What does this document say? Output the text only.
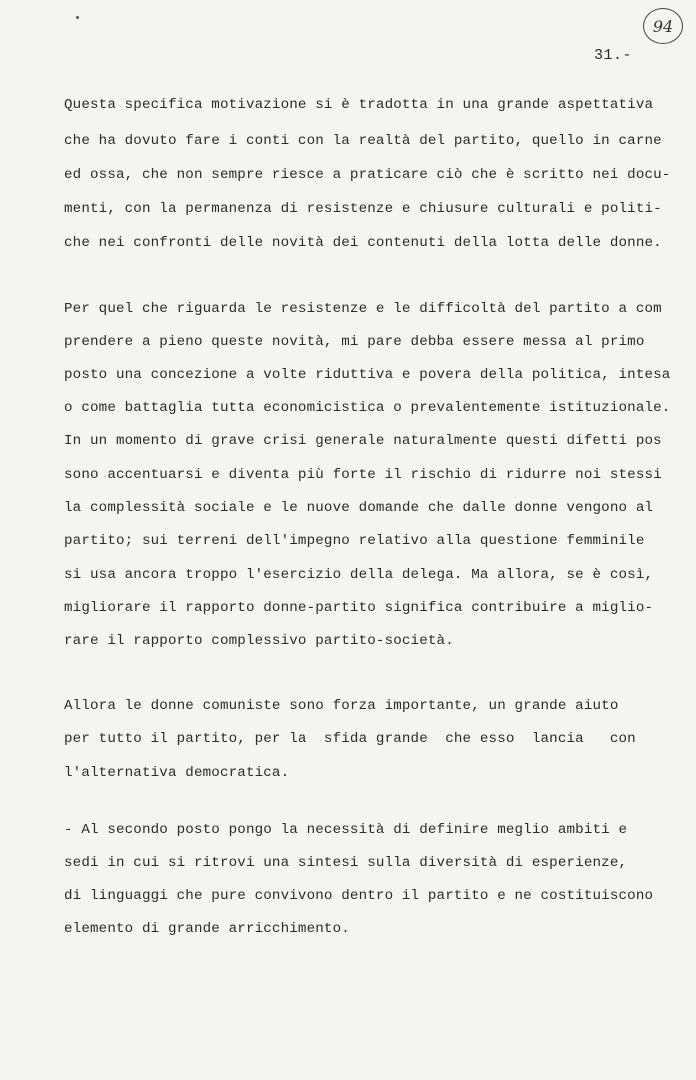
94
31.-
Questa specifica motivazione si è tradotta in una grande aspettativa
che ha dovuto fare i conti con la realtà del partito, quello in carne
ed ossa, che non sempre riesce a praticare ciò che è scritto nei docu-
menti, con la permanenza di resistenze e chiusure culturali e politi-
che nei confronti delle novità dei contenuti della lotta delle donne.
Per quel che riguarda le resistenze e le difficoltà del partito a com
prendere a pieno queste novità, mi pare debba essere messa al primo
posto una concezione a volte riduttiva e povera della politica, intesa
o come battaglia tutta economicistica o prevalentemente istituzionale.
In un momento di grave crisi generale naturalmente questi difetti pos
sono accentuarsi e diventa più forte il rischio di ridurre noi stessi
la complessità sociale e le nuove domande che dalle donne vengono al
partito; sui terreni dell'impegno relativo alla questione femminile
si usa ancora troppo l'esercizio della delega. Ma allora, se è così,
migliorare il rapporto donne-partito significa contribuire a miglio-
rare il rapporto complessivo partito-società.
Allora le donne comuniste sono forza importante, un grande aiuto
per tutto il partito, per la  sfida grande  che esso  lancia   con
l'alternativa democratica.
- Al secondo posto pongo la necessità di definire meglio ambiti e
sedi in cui si ritrovi una sintesi sulla diversità di esperienze,
di linguaggi che pure convivono dentro il partito e ne costituiscono
elemento di grande arricchimento.
